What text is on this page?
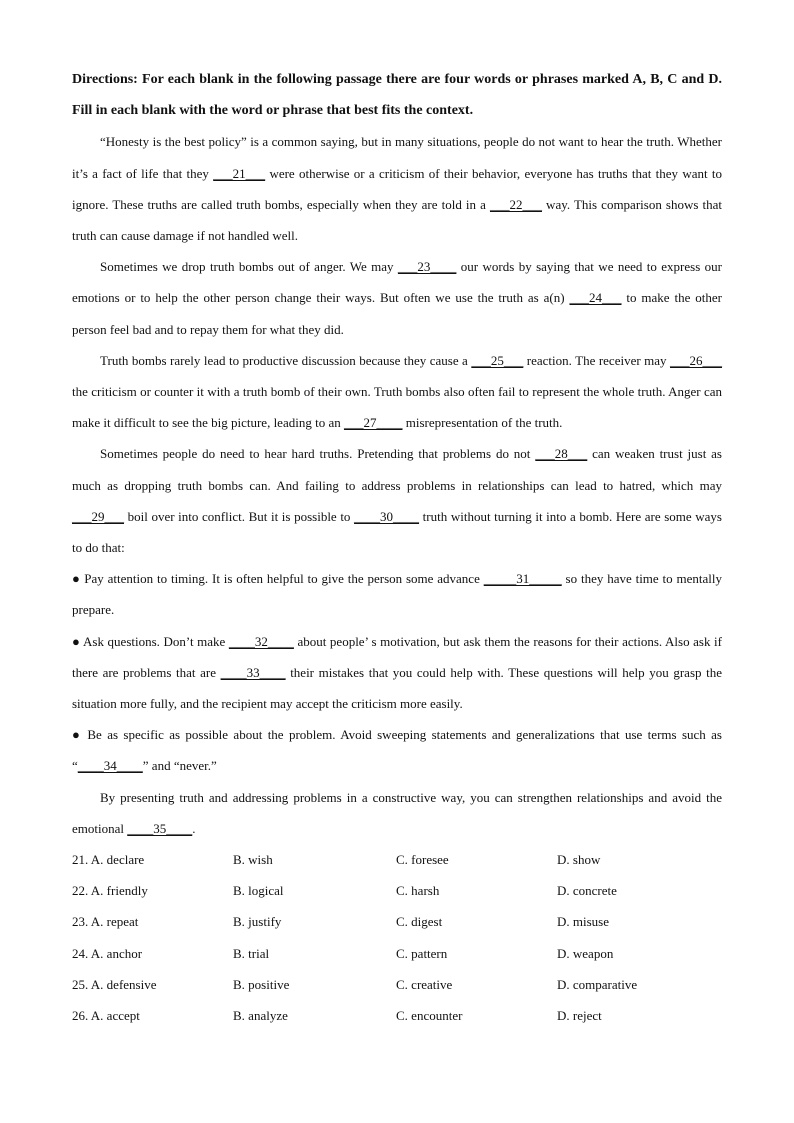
Directions: For each blank in the following passage there are four words or phrases marked A, B, C and D. Fill in each blank with the word or phrase that best fits the context.
“Honesty is the best policy” is a common saying, but in many situations, people do not want to hear the truth. Whether it’s a fact of life that they ___21___ were otherwise or a criticism of their behavior, everyone has truths that they want to ignore. These truths are called truth bombs, especially when they are told in a ___22___ way. This comparison shows that truth can cause damage if not handled well.
Sometimes we drop truth bombs out of anger. We may ___23____ our words by saying that we need to express our emotions or to help the other person change their ways. But often we use the truth as a(n) ___24___ to make the other person feel bad and to repay them for what they did.
Truth bombs rarely lead to productive discussion because they cause a ___25___ reaction. The receiver may ___26___ the criticism or counter it with a truth bomb of their own. Truth bombs also often fail to represent the whole truth. Anger can make it difficult to see the big picture, leading to an ___27____ misrepresentation of the truth.
Sometimes people do need to hear hard truths. Pretending that problems do not ___28___ can weaken trust just as much as dropping truth bombs can. And failing to address problems in relationships can lead to hatred, which may ___29___ boil over into conflict. But it is possible to ____30____ truth without turning it into a bomb. Here are some ways to do that:
● Pay attention to timing. It is often helpful to give the person some advance _____31_____ so they have time to mentally prepare.
● Ask questions. Don’t make ____32____ about people’ s motivation, but ask them the reasons for their actions. Also ask if there are problems that are ____33____ their mistakes that you could help with. These questions will help you grasp the situation more fully, and the recipient may accept the criticism more easily.
● Be as specific as possible about the problem. Avoid sweeping statements and generalizations that use terms such as “____34____” and “never.”
By presenting truth and addressing problems in a constructive way, you can strengthen relationships and avoid the emotional ____35____.
21. A. declare	B. wish	C. foresee	D. show
22. A. friendly	B. logical	C. harsh	D. concrete
23. A. repeat	B. justify	C. digest	D. misuse
24. A. anchor	B. trial	C. pattern	D. weapon
25. A. defensive	B. positive	C. creative	D. comparative
26. A. accept	B. analyze	C. encounter	D. reject
